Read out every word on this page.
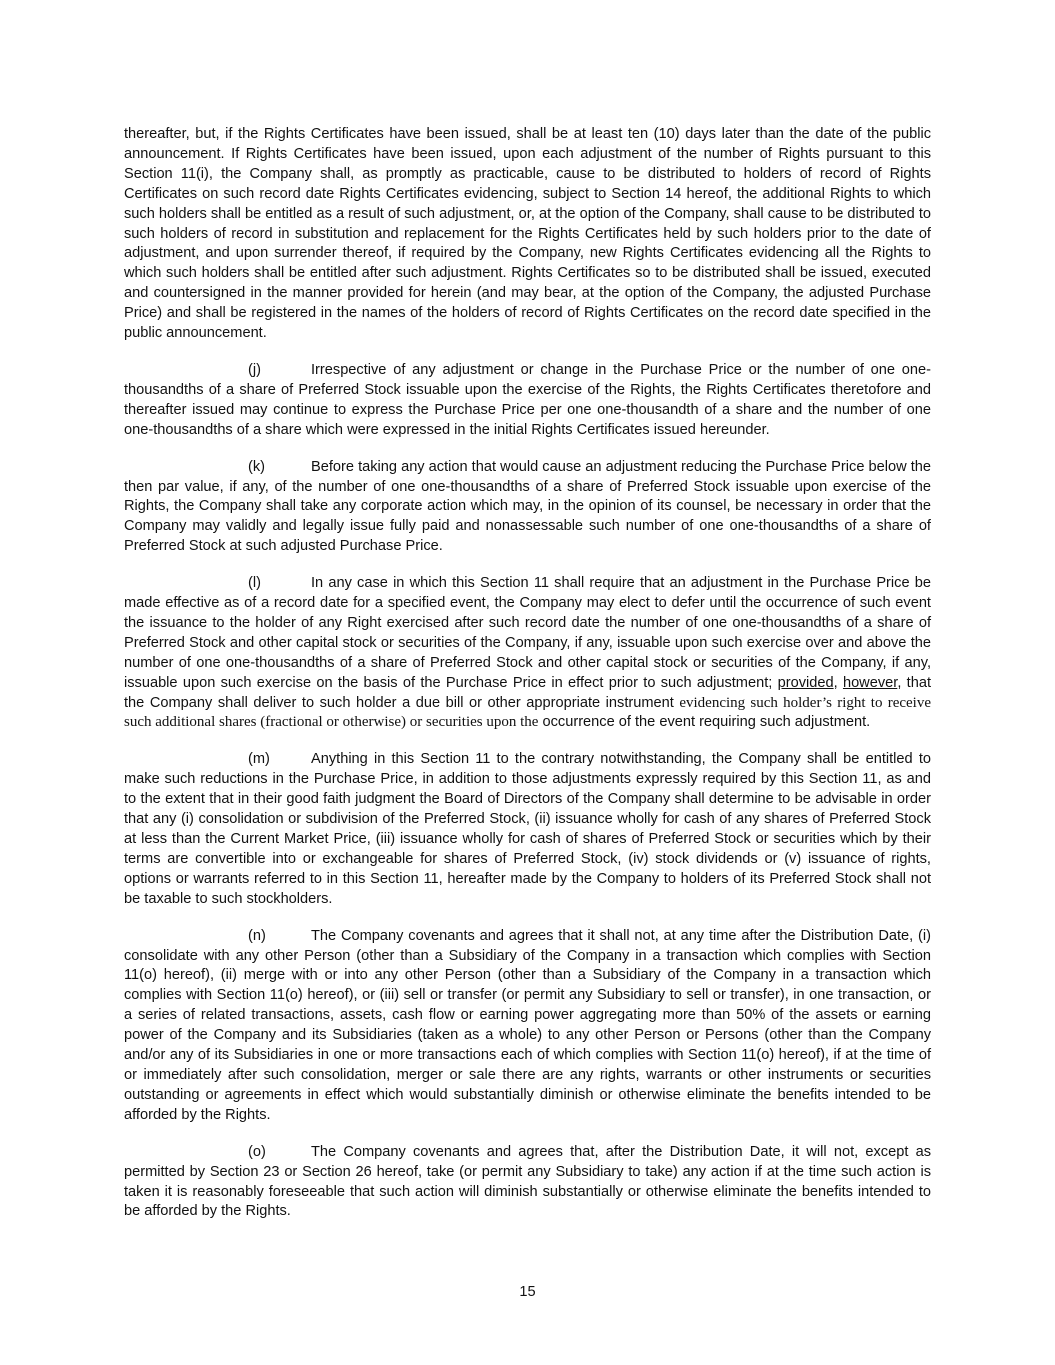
thereafter, but, if the Rights Certificates have been issued, shall be at least ten (10) days later than the date of the public announcement. If Rights Certificates have been issued, upon each adjustment of the number of Rights pursuant to this Section 11(i), the Company shall, as promptly as practicable, cause to be distributed to holders of record of Rights Certificates on such record date Rights Certificates evidencing, subject to Section 14 hereof, the additional Rights to which such holders shall be entitled as a result of such adjustment, or, at the option of the Company, shall cause to be distributed to such holders of record in substitution and replacement for the Rights Certificates held by such holders prior to the date of adjustment, and upon surrender thereof, if required by the Company, new Rights Certificates evidencing all the Rights to which such holders shall be entitled after such adjustment. Rights Certificates so to be distributed shall be issued, executed and countersigned in the manner provided for herein (and may bear, at the option of the Company, the adjusted Purchase Price) and shall be registered in the names of the holders of record of Rights Certificates on the record date specified in the public announcement.

(j)	Irrespective of any adjustment or change in the Purchase Price or the number of one one-thousandths of a share of Preferred Stock issuable upon the exercise of the Rights, the Rights Certificates theretofore and thereafter issued may continue to express the Purchase Price per one one-thousandth of a share and the number of one one-thousandths of a share which were expressed in the initial Rights Certificates issued hereunder.

(k)	Before taking any action that would cause an adjustment reducing the Purchase Price below the then par value, if any, of the number of one one-thousandths of a share of Preferred Stock issuable upon exercise of the Rights, the Company shall take any corporate action which may, in the opinion of its counsel, be necessary in order that the Company may validly and legally issue fully paid and nonassessable such number of one one-thousandths of a share of Preferred Stock at such adjusted Purchase Price.

(l)	In any case in which this Section 11 shall require that an adjustment in the Purchase Price be made effective as of a record date for a specified event, the Company may elect to defer until the occurrence of such event the issuance to the holder of any Right exercised after such record date the number of one one-thousandths of a share of Preferred Stock and other capital stock or securities of the Company, if any, issuable upon such exercise over and above the number of one one-thousandths of a share of Preferred Stock and other capital stock or securities of the Company, if any, issuable upon such exercise on the basis of the Purchase Price in effect prior to such adjustment; provided, however, that the Company shall deliver to such holder a due bill or other appropriate instrument evidencing such holder’s right to receive such additional shares (fractional or otherwise) or securities upon the occurrence of the event requiring such adjustment.

(m)	Anything in this Section 11 to the contrary notwithstanding, the Company shall be entitled to make such reductions in the Purchase Price, in addition to those adjustments expressly required by this Section 11, as and to the extent that in their good faith judgment the Board of Directors of the Company shall determine to be advisable in order that any (i) consolidation or subdivision of the Preferred Stock, (ii) issuance wholly for cash of any shares of Preferred Stock at less than the Current Market Price, (iii) issuance wholly for cash of shares of Preferred Stock or securities which by their terms are convertible into or exchangeable for shares of Preferred Stock, (iv) stock dividends or (v) issuance of rights, options or warrants referred to in this Section 11, hereafter made by the Company to holders of its Preferred Stock shall not be taxable to such stockholders.

(n)	The Company covenants and agrees that it shall not, at any time after the Distribution Date, (i) consolidate with any other Person (other than a Subsidiary of the Company in a transaction which complies with Section 11(o) hereof), (ii) merge with or into any other Person (other than a Subsidiary of the Company in a transaction which complies with Section 11(o) hereof), or (iii) sell or transfer (or permit any Subsidiary to sell or transfer), in one transaction, or a series of related transactions, assets, cash flow or earning power aggregating more than 50% of the assets or earning power of the Company and its Subsidiaries (taken as a whole) to any other Person or Persons (other than the Company and/or any of its Subsidiaries in one or more transactions each of which complies with Section 11(o) hereof), if at the time of or immediately after such consolidation, merger or sale there are any rights, warrants or other instruments or securities outstanding or agreements in effect which would substantially diminish or otherwise eliminate the benefits intended to be afforded by the Rights.

(o)	The Company covenants and agrees that, after the Distribution Date, it will not, except as permitted by Section 23 or Section 26 hereof, take (or permit any Subsidiary to take) any action if at the time such action is taken it is reasonably foreseeable that such action will diminish substantially or otherwise eliminate the benefits intended to be afforded by the Rights.

15
